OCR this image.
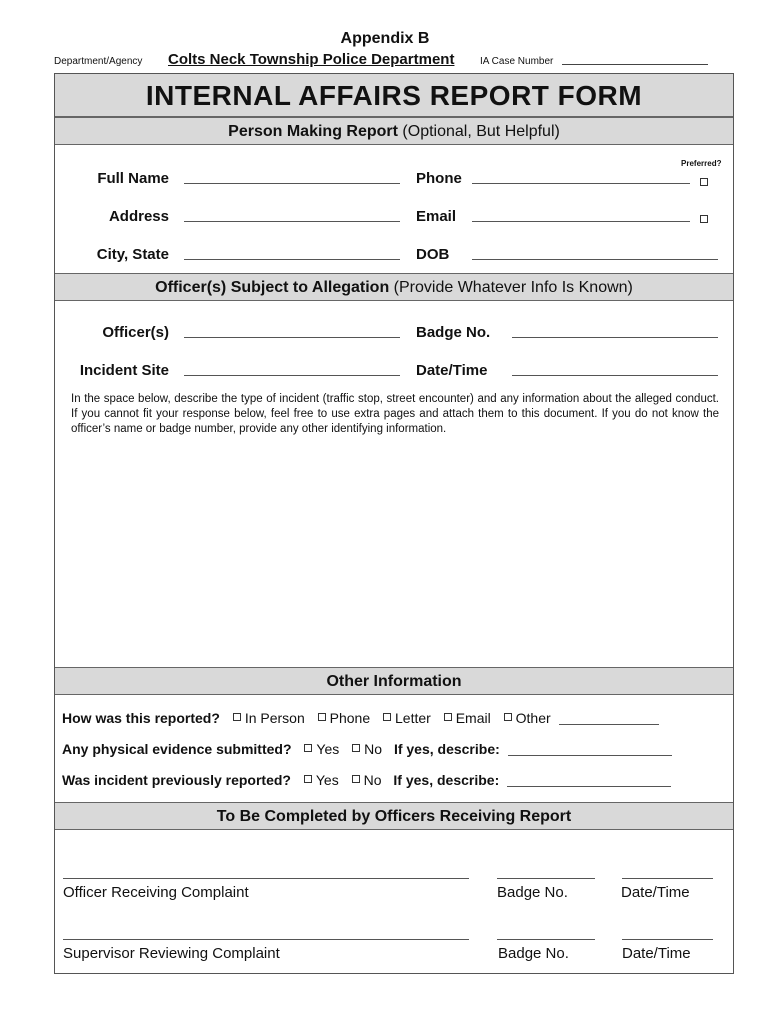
Appendix B
Department/Agency Colts Neck Township Police Department	IA Case Number
INTERNAL AFFAIRS REPORT FORM
Person Making Report (Optional, But Helpful)
Preferred?
Full Name	Phone
Address	Email
City, State	DOB
Officer(s) Subject to Allegation (Provide Whatever Info Is Known)
Officer(s)	Badge No.
Incident Site	Date/Time
In the space below, describe the type of incident (traffic stop, street encounter) and any information about the alleged conduct. If you cannot fit your response below, feel free to use extra pages and attach them to this document. If you do not know the officer’s name or badge number, provide any other identifying information.
Other Information
How was this reported? In Person Phone Letter Email Other
Any physical evidence submitted? Yes No If yes, describe:
Was incident previously reported? Yes No If yes, describe:
To Be Completed by Officers Receiving Report
Officer Receiving Complaint	Badge No.	Date/Time
Supervisor Reviewing Complaint	Badge No.	Date/Time
